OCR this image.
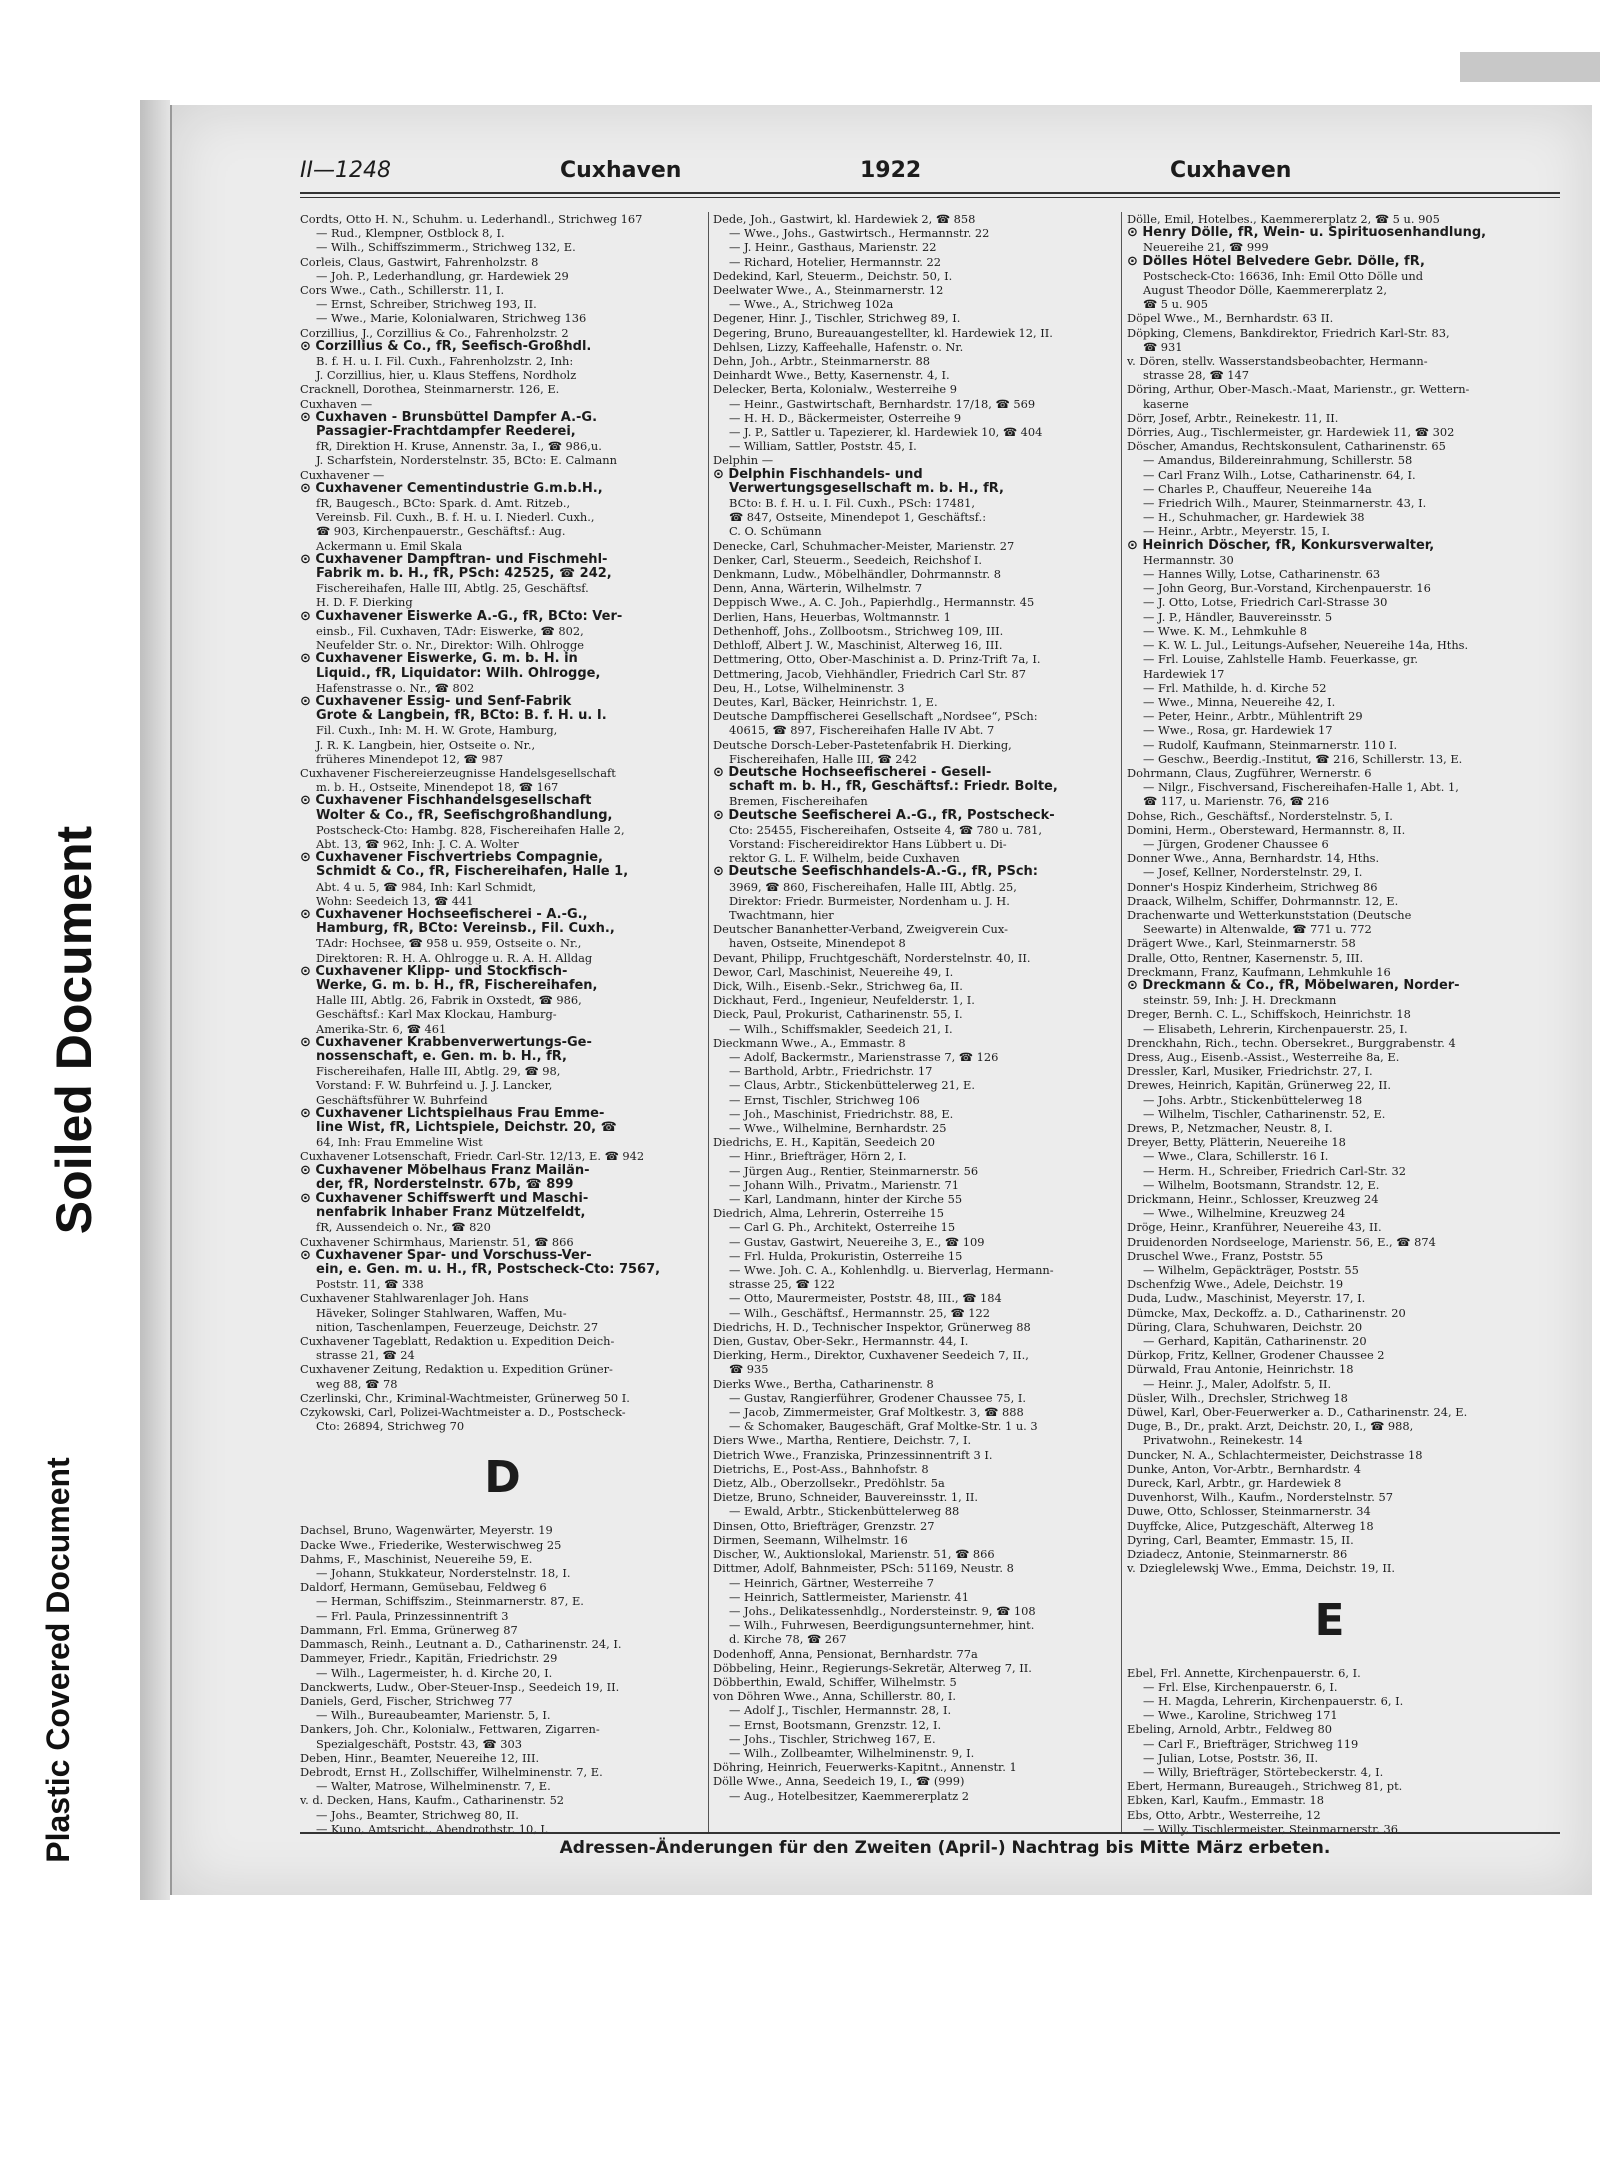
Soiled Document
Plastic Covered Document
II—1248	Cuxhaven	1922	Cuxhaven
Cordts, Otto H. N., Schuhm. u. Lederhandl., Strichweg 167
— Rud., Klempner, Ostblock 8, I.
— Wilh., Schiffszimmerm., Strichweg 132, E.
Corleis, Claus, Gastwirt, Fahrenholzstr. 8
— Joh. P., Lederhandlung, gr. Hardewiek 29
Cors Wwe., Cath., Schillerstr. 11, I.
— Ernst, Schreiber, Strichweg 193, II.
— Wwe., Marie, Kolonialwaren, Strichweg 136
Corzillius, J., Corzillius & Co., Fahrenholzstr. 2
⊙ Corzillius & Co., fR, Seefisch-Großhdl.
B. f. H. u. I. Fil. Cuxh., Fahrenholzstr. 2, Inh:
J. Corzillius, hier, u. Klaus Steffens, Nordholz
Cracknell, Dorothea, Steinmarnerstr. 126, E.
Cuxhaven —
⊙ Cuxhaven - Brunsbüttel Dampfer A.-G.
Passagier-Frachtdampfer Reederei,
fR, Direktion H. Kruse, Annenstr. 3a, I., ☎ 986,u.
J. Scharfstein, Norderstelnstr. 35, BCto: E. Calmann
Cuxhavener —
⊙ Cuxhavener Cementindustrie G.m.b.H.,
fR, Baugesch., BCto: Spark. d. Amt. Ritzeb.,
Vereinsb. Fil. Cuxh., B. f. H. u. I. Niederl. Cuxh.,
☎ 903, Kirchenpauerstr., Geschäftsf.: Aug.
Ackermann u. Emil Skala
⊙ Cuxhavener Dampftran- und Fischmehl-
Fabrik m. b. H., fR, PSch: 42525, ☎ 242,
Fischereihafen, Halle III, Abtlg. 25, Geschäftsf.
H. D. F. Dierking
⊙ Cuxhavener Eiswerke A.-G., fR, BCto: Ver-
einsb., Fil. Cuxhaven, TAdr: Eiswerke, ☎ 802,
Neufelder Str. o. Nr., Direktor: Wilh. Ohlrogge
⊙ Cuxhavener Eiswerke, G. m. b. H. in
Liquid., fR, Liquidator: Wilh. Ohlrogge,
Hafenstrasse o. Nr., ☎ 802
⊙ Cuxhavener Essig- und Senf-Fabrik
Grote & Langbein, fR, BCto: B. f. H. u. I.
Fil. Cuxh., Inh: M. H. W. Grote, Hamburg,
J. R. K. Langbein, hier, Ostseite o. Nr.,
früheres Minendepot 12, ☎ 987
Cuxhavener Fischereierzeugnisse Handelsgesellschaft
m. b. H., Ostseite, Minendepot 18, ☎ 167
⊙ Cuxhavener Fischhandelsgesellschaft
Wolter & Co., fR, Seefischgroßhandlung,
Postscheck-Cto: Hambg. 828, Fischereihafen Halle 2,
Abt. 13, ☎ 962, Inh: J. C. A. Wolter
⊙ Cuxhavener Fischvertriebs Compagnie,
Schmidt & Co., fR, Fischereihafen, Halle 1,
Abt. 4 u. 5, ☎ 984, Inh: Karl Schmidt,
Wohn: Seedeich 13, ☎ 441
⊙ Cuxhavener Hochseefischerei - A.-G.,
Hamburg, fR, BCto: Vereinsb., Fil. Cuxh.,
TAdr: Hochsee, ☎ 958 u. 959, Ostseite o. Nr.,
Direktoren: R. H. A. Ohlrogge u. R. A. H. Alldag
⊙ Cuxhavener Klipp- und Stockfisch-
Werke, G. m. b. H., fR, Fischereihafen,
Halle III, Abtlg. 26, Fabrik in Oxstedt, ☎ 986,
Geschäftsf.: Karl Max Klockau, Hamburg-
Amerika-Str. 6, ☎ 461
⊙ Cuxhavener Krabbenverwertungs-Ge-
nossenschaft, e. Gen. m. b. H., fR,
Fischereihafen, Halle III, Abtlg. 29, ☎ 98,
Vorstand: F. W. Buhrfeind u. J. J. Lancker,
Geschäftsführer W. Buhrfeind
⊙ Cuxhavener Lichtspielhaus Frau Emme-
line Wist, fR, Lichtspiele, Deichstr. 20, ☎
64, Inh: Frau Emmeline Wist
Cuxhavener Lotsenschaft, Friedr. Carl-Str. 12/13, E. ☎ 942
⊙ Cuxhavener Möbelhaus Franz Mailän-
der, fR, Norderstelnstr. 67b, ☎ 899
⊙ Cuxhavener Schiffswerft und Maschi-
nenfabrik Inhaber Franz Mützelfeldt,
fR, Aussendeich o. Nr., ☎ 820
Cuxhavener Schirmhaus, Marienstr. 51, ☎ 866
⊙ Cuxhavener Spar- und Vorschuss-Ver-
ein, e. Gen. m. u. H., fR, Postscheck-Cto: 7567,
Poststr. 11, ☎ 338
Cuxhavener Stahlwarenlager Joh. Hans
Häveker, Solinger Stahlwaren, Waffen, Mu-
nition, Taschenlampen, Feuerzeuge, Deichstr. 27
Cuxhavener Tageblatt, Redaktion u. Expedition Deich-
strasse 21, ☎ 24
Cuxhavener Zeitung, Redaktion u. Expedition Grüner-
weg 88, ☎ 78
Czerlinski, Chr., Kriminal-Wachtmeister, Grünerweg 50 I.
Czykowski, Carl, Polizei-Wachtmeister a. D., Postscheck-
Cto: 26894, Strichweg 70
D
Dachsel, Bruno, Wagenwärter, Meyerstr. 19
Dacke Wwe., Friederike, Westerwischweg 25
Dahms, F., Maschinist, Neuereihe 59, E.
— Johann, Stukkateur, Norderstelnstr. 18, I.
Daldorf, Hermann, Gemüsebau, Feldweg 6
— Herman, Schiffszim., Steinmarnerstr. 87, E.
— Frl. Paula, Prinzessinnentrift 3
Dammann, Frl. Emma, Grünerweg 87
Dammasch, Reinh., Leutnant a. D., Catharinenstr. 24, I.
Dammeyer, Friedr., Kapitän, Friedrichstr. 29
— Wilh., Lagermeister, h. d. Kirche 20, I.
Danckwerts, Ludw., Ober-Steuer-Insp., Seedeich 19, II.
Daniels, Gerd, Fischer, Strichweg 77
— Wilh., Bureaubeamter, Marienstr. 5, I.
Dankers, Joh. Chr., Kolonialw., Fettwaren, Zigarren-
Spezialgeschäft, Poststr. 43, ☎ 303
Deben, Hinr., Beamter, Neuereihe 12, III.
Debrodt, Ernst H., Zollschiffer, Wilhelminenstr. 7, E.
— Walter, Matrose, Wilhelminenstr. 7, E.
v. d. Decken, Hans, Kaufm., Catharinenstr. 52
— Johs., Beamter, Strichweg 80, II.
— Kuno, Amtsricht., Abendrothstr. 10, I.
Dede, Joh., Gastwirt, kl. Hardewiek 2, ☎ 858
— Wwe., Johs., Gastwirtsch., Hermannstr. 22
— J. Heinr., Gasthaus, Marienstr. 22
— Richard, Hotelier, Hermannstr. 22
Dedekind, Karl, Steuerm., Deichstr. 50, I.
Deelwater Wwe., A., Steinmarnerstr. 12
— Wwe., A., Strichweg 102a
Degener, Hinr. J., Tischler, Strichweg 89, I.
Degering, Bruno, Bureauangestellter, kl. Hardewiek 12, II.
Dehlsen, Lizzy, Kaffeehalle, Hafenstr. o. Nr.
Dehn, Joh., Arbtr., Steinmarnerstr. 88
Deinhardt Wwe., Betty, Kasernenstr. 4, I.
Delecker, Berta, Kolonialw., Westerreihe 9
— Heinr., Gastwirtschaft, Bernhardstr. 17/18, ☎ 569
— H. H. D., Bäckermeister, Osterreihe 9
— J. P., Sattler u. Tapezierer, kl. Hardewiek 10, ☎ 404
— William, Sattler, Poststr. 45, I.
Delphin —
⊙ Delphin Fischhandels- und
Verwertungsgesellschaft m. b. H., fR,
BCto: B. f. H. u. I. Fil. Cuxh., PSch: 17481,
☎ 847, Ostseite, Minendepot 1, Geschäftsf.:
C. O. Schümann
Denecke, Carl, Schuhmacher-Meister, Marienstr. 27
Denker, Carl, Steuerm., Seedeich, Reichshof I.
Denkmann, Ludw., Möbelhändler, Dohrmannstr. 8
Denn, Anna, Wärterin, Wilhelmstr. 7
Deppisch Wwe., A. C. Joh., Papierhdlg., Hermannstr. 45
Derlien, Hans, Heuerbas, Woltmannstr. 1
Dethenhoff, Johs., Zollbootsm., Strichweg 109, III.
Dethloff, Albert J. W., Maschinist, Alterweg 16, III.
Dettmering, Otto, Ober-Maschinist a. D. Prinz-Trift 7a, I.
Dettmering, Jacob, Viehhändler, Friedrich Carl Str. 87
Deu, H., Lotse, Wilhelminenstr. 3
Deutes, Karl, Bäcker, Heinrichstr. 1, E.
Deutsche Dampffischerei Gesellschaft „Nordsee“, PSch:
40615, ☎ 897, Fischereihafen Halle IV Abt. 7
Deutsche Dorsch-Leber-Pastetenfabrik H. Dierking,
Fischereihafen, Halle III, ☎ 242
⊙ Deutsche Hochseefischerei - Gesell-
schaft m. b. H., fR, Geschäftsf.: Friedr. Bolte,
Bremen, Fischereihafen
⊙ Deutsche Seefischerei A.-G., fR, Postscheck-
Cto: 25455, Fischereihafen, Ostseite 4, ☎ 780 u. 781,
Vorstand: Fischereidirektor Hans Lübbert u. Di-
rektor G. L. F. Wilhelm, beide Cuxhaven
⊙ Deutsche Seefischhandels-A.-G., fR, PSch:
3969, ☎ 860, Fischereihafen, Halle III, Abtlg. 25,
Direktor: Friedr. Burmeister, Nordenham u. J. H.
Twachtmann, hier
Deutscher Bananhetter-Verband, Zweigverein Cux-
haven, Ostseite, Minendepot 8
Devant, Philipp, Fruchtgeschäft, Norderstelnstr. 40, II.
Dewor, Carl, Maschinist, Neuereihe 49, I.
Dick, Wilh., Eisenb.-Sekr., Strichweg 6a, II.
Dickhaut, Ferd., Ingenieur, Neufelderstr. 1, I.
Dieck, Paul, Prokurist, Catharinenstr. 55, I.
— Wilh., Schiffsmakler, Seedeich 21, I.
Dieckmann Wwe., A., Emmastr. 8
— Adolf, Backermstr., Marienstrasse 7, ☎ 126
— Barthold, Arbtr., Friedrichstr. 17
— Claus, Arbtr., Stickenbüttelerweg 21, E.
— Ernst, Tischler, Strichweg 106
— Joh., Maschinist, Friedrichstr. 88, E.
— Wwe., Wilhelmine, Bernhardstr. 25
Diedrichs, E. H., Kapitän, Seedeich 20
— Hinr., Briefträger, Hörn 2, I.
— Jürgen Aug., Rentier, Steinmarnerstr. 56
— Johann Wilh., Privatm., Marienstr. 71
— Karl, Landmann, hinter der Kirche 55
Diedrich, Alma, Lehrerin, Osterreihe 15
— Carl G. Ph., Architekt, Osterreihe 15
— Gustav, Gastwirt, Neuereihe 3, E., ☎ 109
— Frl. Hulda, Prokuristin, Osterreihe 15
— Wwe. Joh. C. A., Kohlenhdlg. u. Bierverlag, Hermann-
strasse 25, ☎ 122
— Otto, Maurermeister, Poststr. 48, III., ☎ 184
— Wilh., Geschäftsf., Hermannstr. 25, ☎ 122
Diedrichs, H. D., Technischer Inspektor, Grünerweg 88
Dien, Gustav, Ober-Sekr., Hermannstr. 44, I.
Dierking, Herm., Direktor, Cuxhavener Seedeich 7, II.,
☎ 935
Dierks Wwe., Bertha, Catharinenstr. 8
— Gustav, Rangierführer, Grodener Chaussee 75, I.
— Jacob, Zimmermeister, Graf Moltkestr. 3, ☎ 888
— & Schomaker, Baugeschäft, Graf Moltke-Str. 1 u. 3
Diers Wwe., Martha, Rentiere, Deichstr. 7, I.
Dietrich Wwe., Franziska, Prinzessinnentrift 3 I.
Dietrichs, E., Post-Ass., Bahnhofstr. 8
Dietz, Alb., Oberzollsekr., Predöhlstr. 5a
Dietze, Bruno, Schneider, Bauvereinsstr. 1, II.
— Ewald, Arbtr., Stickenbüttelerweg 88
Dinsen, Otto, Briefträger, Grenzstr. 27
Dirmen, Seemann, Wilhelmstr. 16
Discher, W., Auktionslokal, Marienstr. 51, ☎ 866
Dittmer, Adolf, Bahnmeister, PSch: 51169, Neustr. 8
— Heinrich, Gärtner, Westerreihe 7
— Heinrich, Sattlermeister, Marienstr. 41
— Johs., Delikatessenhdlg., Nordersteinstr. 9, ☎ 108
— Wilh., Fuhrwesen, Beerdigungsunternehmer, hint.
d. Kirche 78, ☎ 267
Dodenhoff, Anna, Pensionat, Bernhardstr. 77a
Döbbeling, Heinr., Regierungs-Sekretär, Alterweg 7, II.
Döbberthin, Ewald, Schiffer, Wilhelmstr. 5
von Döhren Wwe., Anna, Schillerstr. 80, I.
— Adolf J., Tischler, Hermannstr. 28, I.
— Ernst, Bootsmann, Grenzstr. 12, I.
— Johs., Tischler, Strichweg 167, E.
— Wilh., Zollbeamter, Wilhelminenstr. 9, I.
Döhring, Heinrich, Feuerwerks-Kapitnt., Annenstr. 1
Dölle Wwe., Anna, Seedeich 19, I., ☎ (999)
— Aug., Hotelbesitzer, Kaemmererplatz 2
Dölle, Emil, Hotelbes., Kaemmererplatz 2, ☎ 5 u. 905
⊙ Henry Dölle, fR, Wein- u. Spirituosenhandlung,
Neuereihe 21, ☎ 999
⊙ Dölles Hôtel Belvedere Gebr. Dölle, fR,
Postscheck-Cto: 16636, Inh: Emil Otto Dölle und
August Theodor Dölle, Kaemmererplatz 2,
☎ 5 u. 905
Döpel Wwe., M., Bernhardstr. 63 II.
Döpking, Clemens, Bankdirektor, Friedrich Karl-Str. 83,
☎ 931
v. Dören, stellv. Wasserstandsbeobachter, Hermann-
strasse 28, ☎ 147
Döring, Arthur, Ober-Masch.-Maat, Marienstr., gr. Wettern-
kaserne
Dörr, Josef, Arbtr., Reinekestr. 11, II.
Dörries, Aug., Tischlermeister, gr. Hardewiek 11, ☎ 302
Döscher, Amandus, Rechtskonsulent, Catharinenstr. 65
— Amandus, Bildereinrahmung, Schillerstr. 58
— Carl Franz Wilh., Lotse, Catharinenstr. 64, I.
— Charles P., Chauffeur, Neuereihe 14a
— Friedrich Wilh., Maurer, Steinmarnerstr. 43, I.
— H., Schuhmacher, gr. Hardewiek 38
— Heinr., Arbtr., Meyerstr. 15, I.
⊙ Heinrich Döscher, fR, Konkursverwalter,
Hermannstr. 30
— Hannes Willy, Lotse, Catharinenstr. 63
— John Georg, Bur.-Vorstand, Kirchenpauerstr. 16
— J. Otto, Lotse, Friedrich Carl-Strasse 30
— J. P., Händler, Bauvereinsstr. 5
— Wwe. K. M., Lehmkuhle 8
— K. W. L. Jul., Leitungs-Aufseher, Neuereihe 14a, Hths.
— Frl. Louise, Zahlstelle Hamb. Feuerkasse, gr.
Hardewiek 17
— Frl. Mathilde, h. d. Kirche 52
— Wwe., Minna, Neuereihe 42, I.
— Peter, Heinr., Arbtr., Mühlentrift 29
— Wwe., Rosa, gr. Hardewiek 17
— Rudolf, Kaufmann, Steinmarnerstr. 110 I.
— Geschw., Beerdig.-Institut, ☎ 216, Schillerstr. 13, E.
Dohrmann, Claus, Zugführer, Wernerstr. 6
— Nilgr., Fischversand, Fischereihafen-Halle 1, Abt. 1,
☎ 117, u. Marienstr. 76, ☎ 216
Dohse, Rich., Geschäftsf., Norderstelnstr. 5, I.
Domini, Herm., Obersteward, Hermannstr. 8, II.
— Jürgen, Grodener Chaussee 6
Donner Wwe., Anna, Bernhardstr. 14, Hths.
— Josef, Kellner, Norderstelnstr. 29, I.
Donner's Hospiz Kinderheim, Strichweg 86
Draack, Wilhelm, Schiffer, Dohrmannstr. 12, E.
Drachenwarte und Wetterkunststation (Deutsche
Seewarte) in Altenwalde, ☎ 771 u. 772
Drägert Wwe., Karl, Steinmarnerstr. 58
Dralle, Otto, Rentner, Kasernenstr. 5, III.
Dreckmann, Franz, Kaufmann, Lehmkuhle 16
⊙ Dreckmann & Co., fR, Möbelwaren, Norder-
steinstr. 59, Inh: J. H. Dreckmann
Dreger, Bernh. C. L., Schiffskoch, Heinrichstr. 18
— Elisabeth, Lehrerin, Kirchenpauerstr. 25, I.
Drenckhahn, Rich., techn. Obersekret., Burggrabenstr. 4
Dress, Aug., Eisenb.-Assist., Westerreihe 8a, E.
Dressler, Karl, Musiker, Friedrichstr. 27, I.
Drewes, Heinrich, Kapitän, Grünerweg 22, II.
— Johs. Arbtr., Stickenbüttelerweg 18
— Wilhelm, Tischler, Catharinenstr. 52, E.
Drews, P., Netzmacher, Neustr. 8, I.
Dreyer, Betty, Plätterin, Neuereihe 18
— Wwe., Clara, Schillerstr. 16 I.
— Herm. H., Schreiber, Friedrich Carl-Str. 32
— Wilhelm, Bootsmann, Strandstr. 12, E.
Drickmann, Heinr., Schlosser, Kreuzweg 24
— Wwe., Wilhelmine, Kreuzweg 24
Dröge, Heinr., Kranführer, Neuereihe 43, II.
Druidenorden Nordseeloge, Marienstr. 56, E., ☎ 874
Druschel Wwe., Franz, Poststr. 55
— Wilhelm, Gepäckträger, Poststr. 55
Dschenfzig Wwe., Adele, Deichstr. 19
Duda, Ludw., Maschinist, Meyerstr. 17, I.
Dümcke, Max, Deckoffz. a. D., Catharinenstr. 20
Düring, Clara, Schuhwaren, Deichstr. 20
— Gerhard, Kapitän, Catharinenstr. 20
Dürkop, Fritz, Kellner, Grodener Chaussee 2
Dürwald, Frau Antonie, Heinrichstr. 18
— Heinr. J., Maler, Adolfstr. 5, II.
Düsler, Wilh., Drechsler, Strichweg 18
Düwel, Karl, Ober-Feuerwerker a. D., Catharinenstr. 24, E.
Duge, B., Dr., prakt. Arzt, Deichstr. 20, I., ☎ 988,
Privatwohn., Reinekestr. 14
Duncker, N. A., Schlachtermeister, Deichstrasse 18
Dunke, Anton, Vor-Arbtr., Bernhardstr. 4
Dureck, Karl, Arbtr., gr. Hardewiek 8
Duvenhorst, Wilh., Kaufm., Norderstelnstr. 57
Duwe, Otto, Schlosser, Steinmarnerstr. 34
Duyffcke, Alice, Putzgeschäft, Alterweg 18
Dyring, Carl, Beamter, Emmastr. 15, II.
Dziadecz, Antonie, Steinmarnerstr. 86
v. Dzieglelewskj Wwe., Emma, Deichstr. 19, II.
E
Ebel, Frl. Annette, Kirchenpauerstr. 6, I.
— Frl. Else, Kirchenpauerstr. 6, I.
— H. Magda, Lehrerin, Kirchenpauerstr. 6, I.
— Wwe., Karoline, Strichweg 171
Ebeling, Arnold, Arbtr., Feldweg 80
— Carl F., Briefträger, Strichweg 119
— Julian, Lotse, Poststr. 36, II.
— Willy, Briefträger, Störtebeckerstr. 4, I.
Ebert, Hermann, Bureaugeh., Strichweg 81, pt.
Ebken, Karl, Kaufm., Emmastr. 18
Ebs, Otto, Arbtr., Westerreihe, 12
— Willy, Tischlermeister, Steinmarnerstr. 36
Adressen-Änderungen für den Zweiten (April-) Nachtrag bis Mitte März erbeten.
